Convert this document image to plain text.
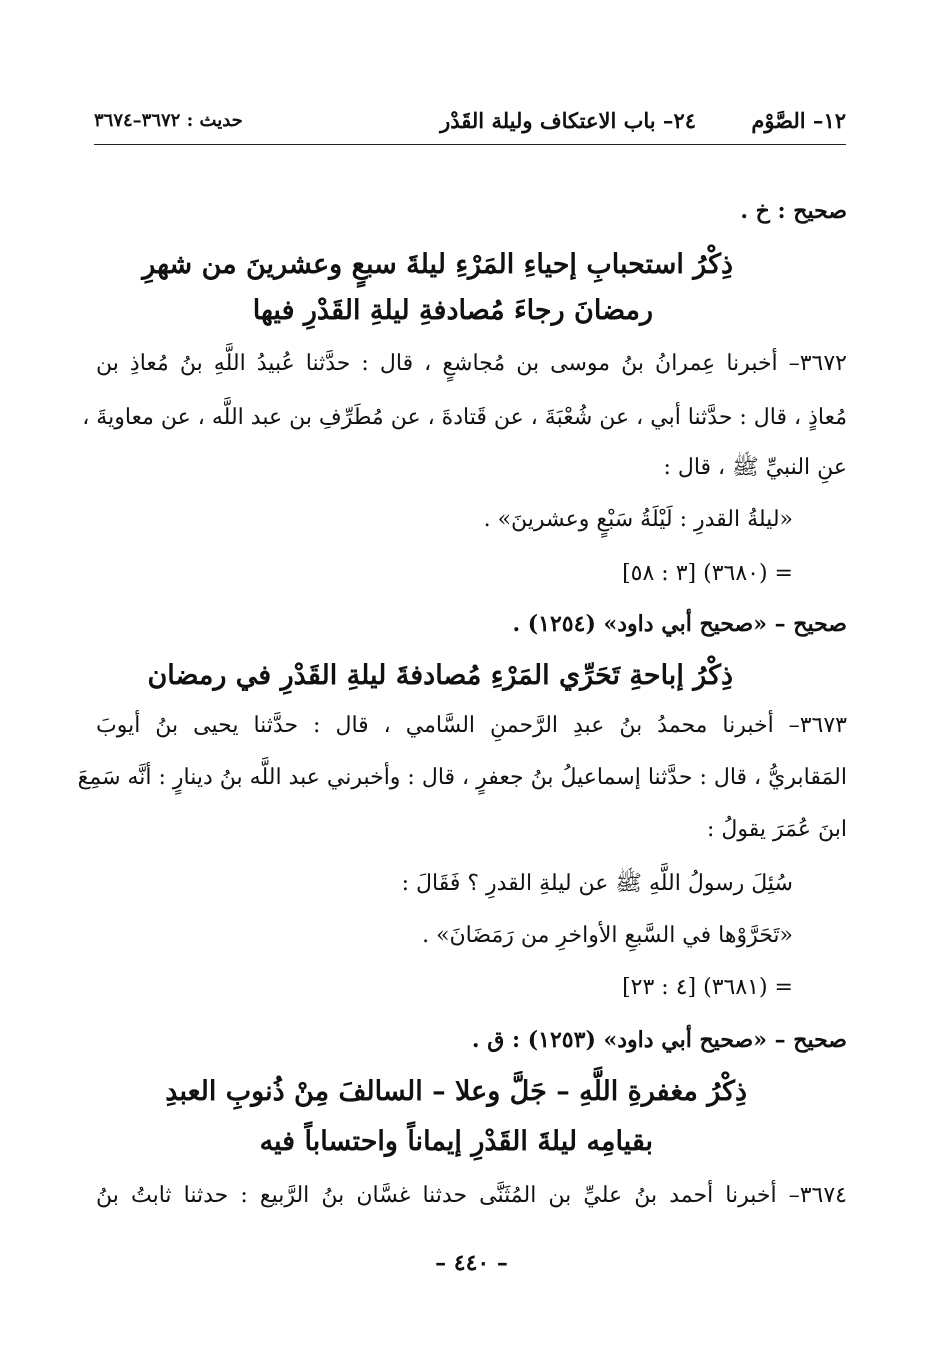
١٢– الصَّوْم
٢٤– باب الاعتكاف وليلة القَدْر
حديث : ٣٦٧٢–٣٦٧٤
صحيح : خ .
ذِكْرُ استحبابِ إحياءِ المَرْءِ ليلةَ سبعٍ وعشرينَ من شهرِ
رمضانَ رجاءَ مُصادفةِ ليلةِ القَدْرِ فيها
٣٦٧٢– أخبرنا عِمرانُ بنُ موسى بن مُجاشعٍ ، قال : حدَّثنا عُبيدُ اللَّهِ بنُ مُعاذِ بن
مُعاذٍ ، قال : حدَّثنا أبي ، عن شُعْبَةَ ، عن قَتادةَ ، عن مُطَرِّفِ بن عبد اللَّه ، عن معاويةَ ،
عنِ النبيِّ ﷺ ، قال :
«ليلةُ القدرِ : لَيْلَةُ سَبْعٍ وعشرينَ» .
= (٣٦٨٠) [٣ : ٥٨]
صحيح – «صحيح أبي داود» (١٢٥٤) .
ذِكْرُ إباحةِ تَحَرِّي المَرْءِ مُصادفةَ ليلةِ القَدْرِ في رمضان
٣٦٧٣– أخبرنا محمدُ بنُ عبدِ الرَّحمنِ السَّامي ، قال : حدَّثنا يحيى بنُ أيوبَ
المَقابريُّ ، قال : حدَّثنا إسماعيلُ بنُ جعفرٍ ، قال : وأخبرني عبد اللَّه بنُ دينارٍ : أنَّه سَمِعَ
ابنَ عُمَرَ يقولُ :
سُئِلَ رسولُ اللَّهِ ﷺ عن ليلةِ القدرِ ؟ فَقَالَ :
«تَحَرَّوْها في السَّبعِ الأواخرِ من رَمَضَانَ» .
= (٣٦٨١) [٤ : ٢٣]
صحيح – «صحيح أبي داود» (١٢٥٣) : ق .
ذِكْرُ مغفرةِ اللَّهِ – جَلَّ وعلا – السالفَ مِنْ ذُنوبِ العبدِ
بقيامِه ليلةَ القَدْرِ إيماناً واحتساباً فيه
٣٦٧٤– أخبرنا أحمد بنُ عليِّ بن المُثَنَّى حدثنا غسَّان بنُ الرَّبيع : حدثنا ثابتُ بنُ
– ٤٤٠ –
